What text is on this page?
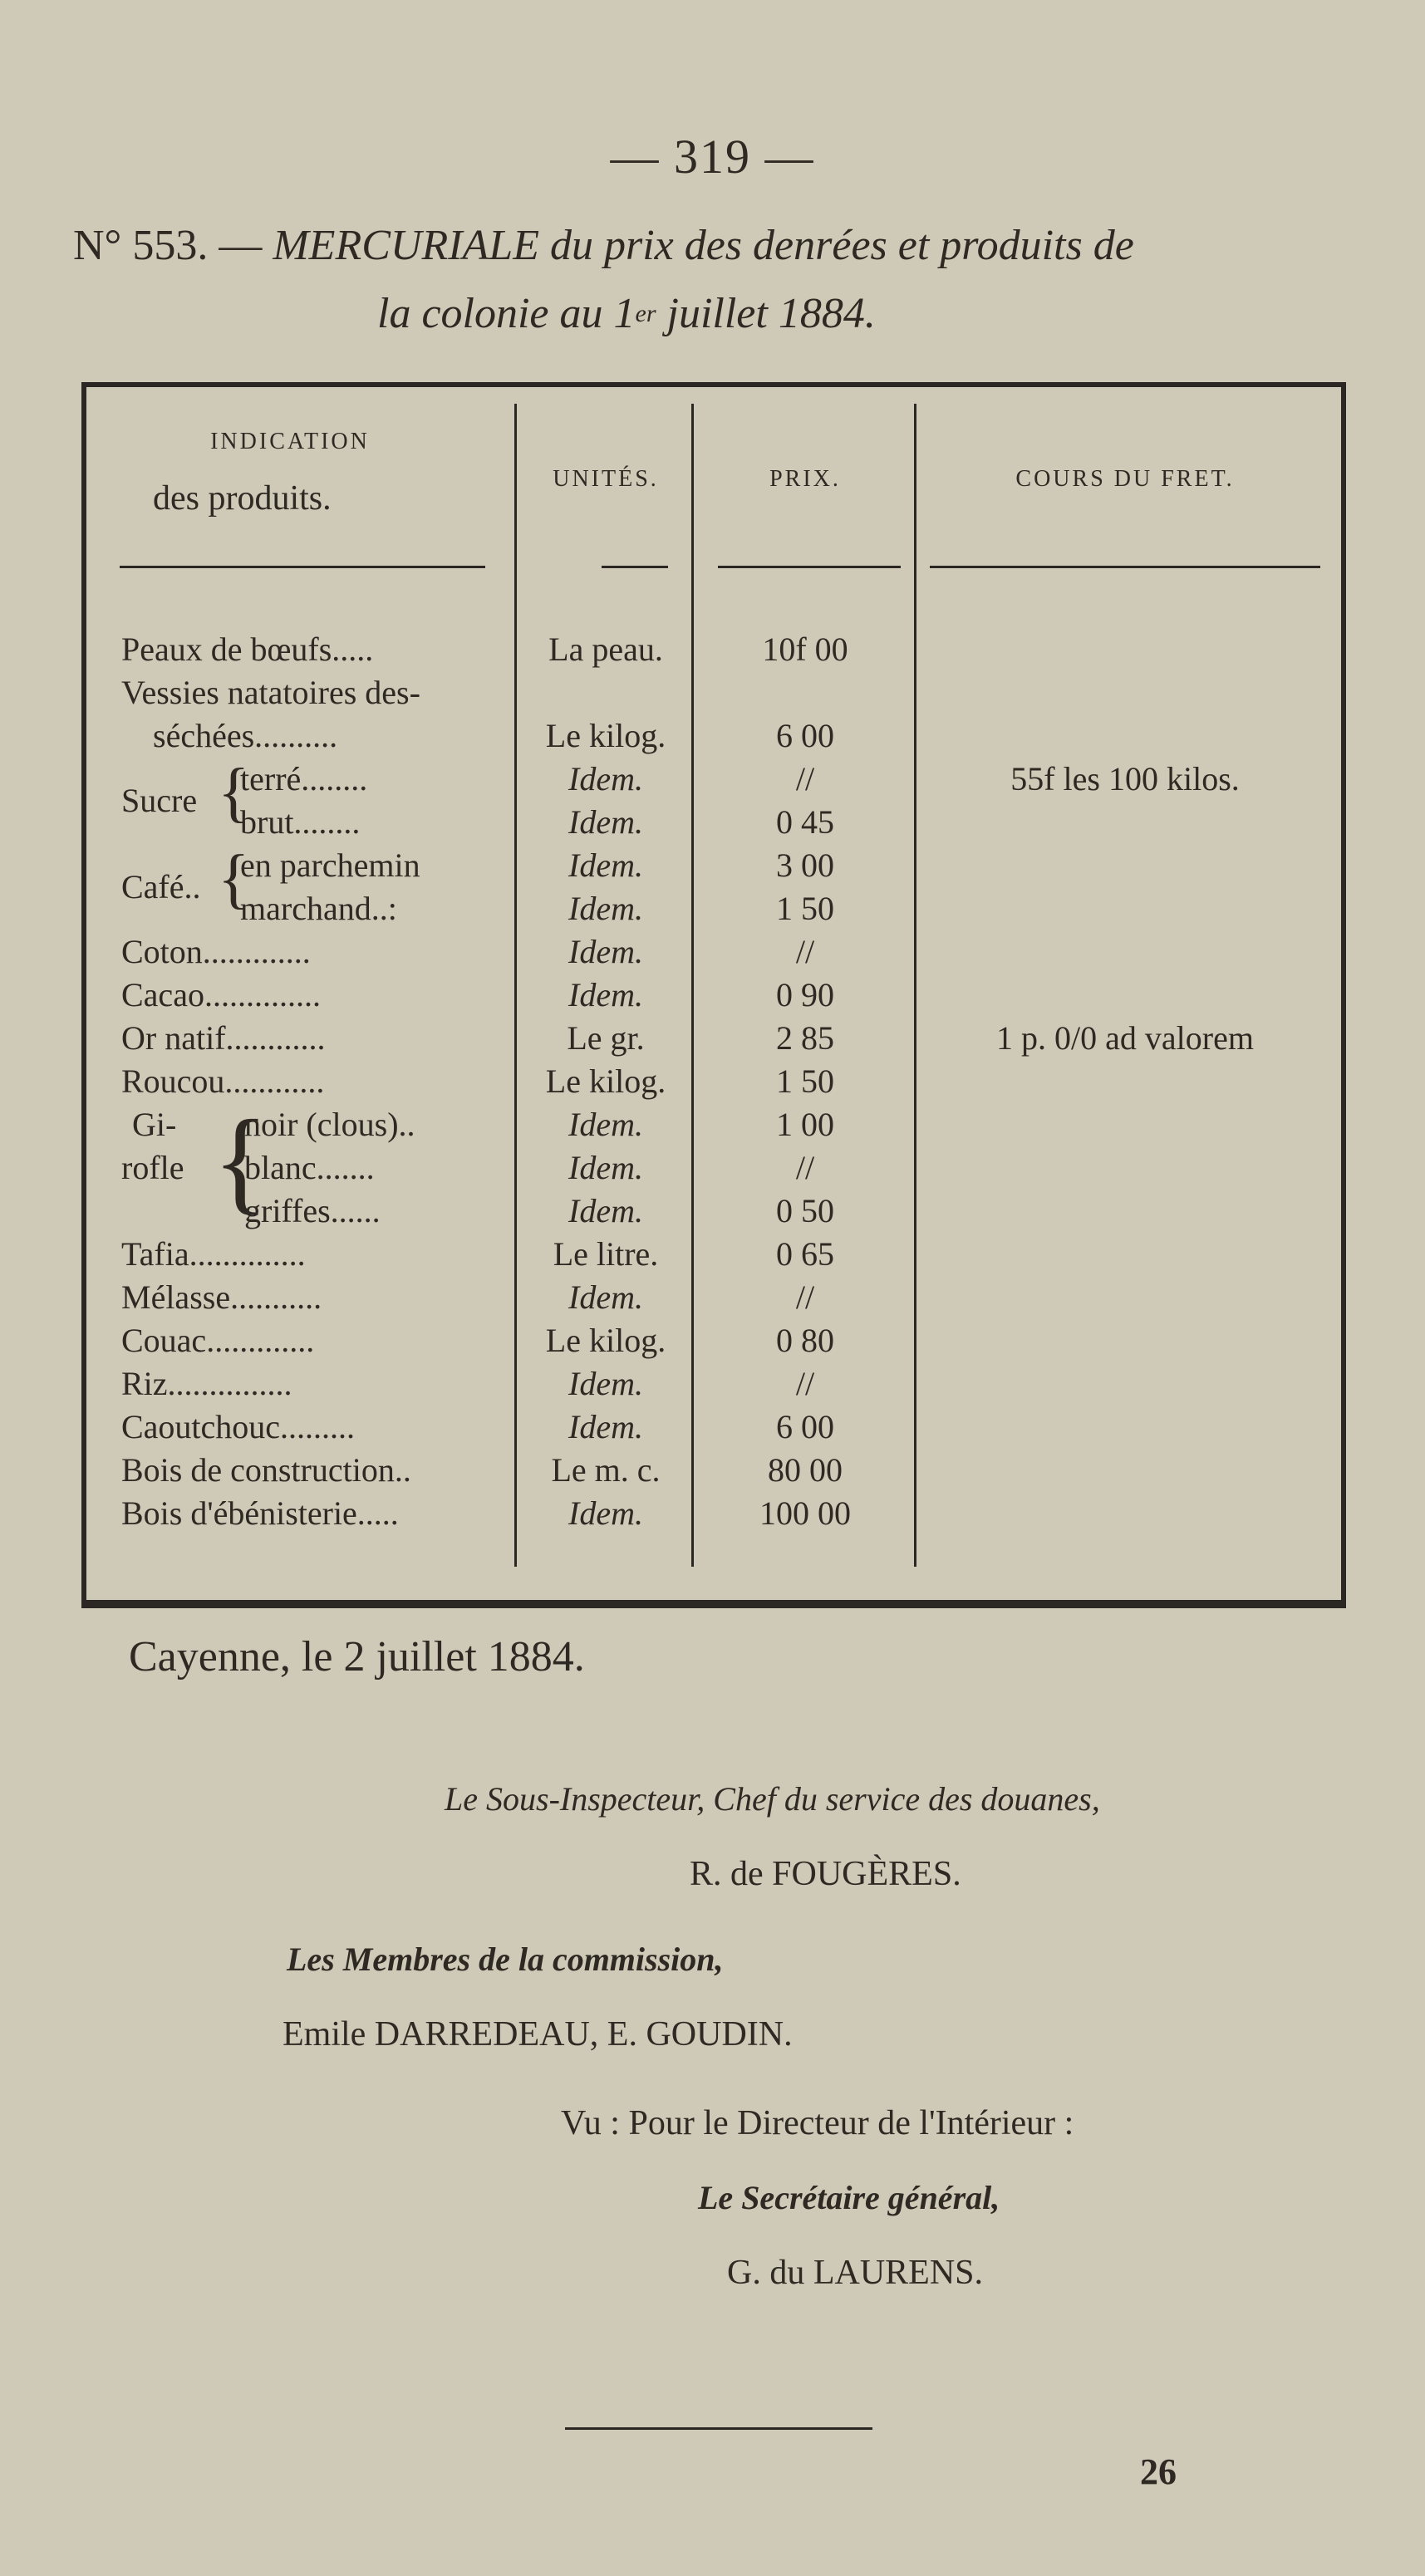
— 319 —
N° 553. — MERCURIALE du prix des denrées et produits de
la colonie au 1er juillet 1884.
INDICATION
des produits.
UNITÉS.	PRIX.	COURS DU FRET.
Peaux de bœufs.....	La peau.	10f 00
Vessies natatoires des-
séchées..........	Le kilog.	6 00
Sucre {
terré........	Idem.	//	55f les 100 kilos.
brut........	Idem.	0 45
Café.. {
en parchemin	Idem.	3 00
marchand..:	Idem.	1 50
Coton.............	Idem.	//
Cacao..............	Idem.	0 90
Or natif............	Le gr.	2 85	1 p. 0/0 ad valorem
Roucou............	Le kilog.	1 50
Gi-
rofle {
noir (clous)..	Idem.	1 00
blanc.......	Idem.	//
griffes......	Idem.	0 50
Tafia..............	Le litre.	0 65
Mélasse...........	Idem.	//
Couac.............	Le kilog.	0 80
Riz...............	Idem.	//
Caoutchouc.........	Idem.	6 00
Bois de construction..	Le m. c.	80 00
Bois d'ébénisterie.....	Idem.	100 00
Cayenne, le 2 juillet 1884.
Le Sous-Inspecteur, Chef du service des douanes,
R. de FOUGÈRES.
Les Membres de la commission,
Emile DARREDEAU, E. GOUDIN.
Vu : Pour le Directeur de l'Intérieur :
Le Secrétaire général,
G. du LAURENS.
26
